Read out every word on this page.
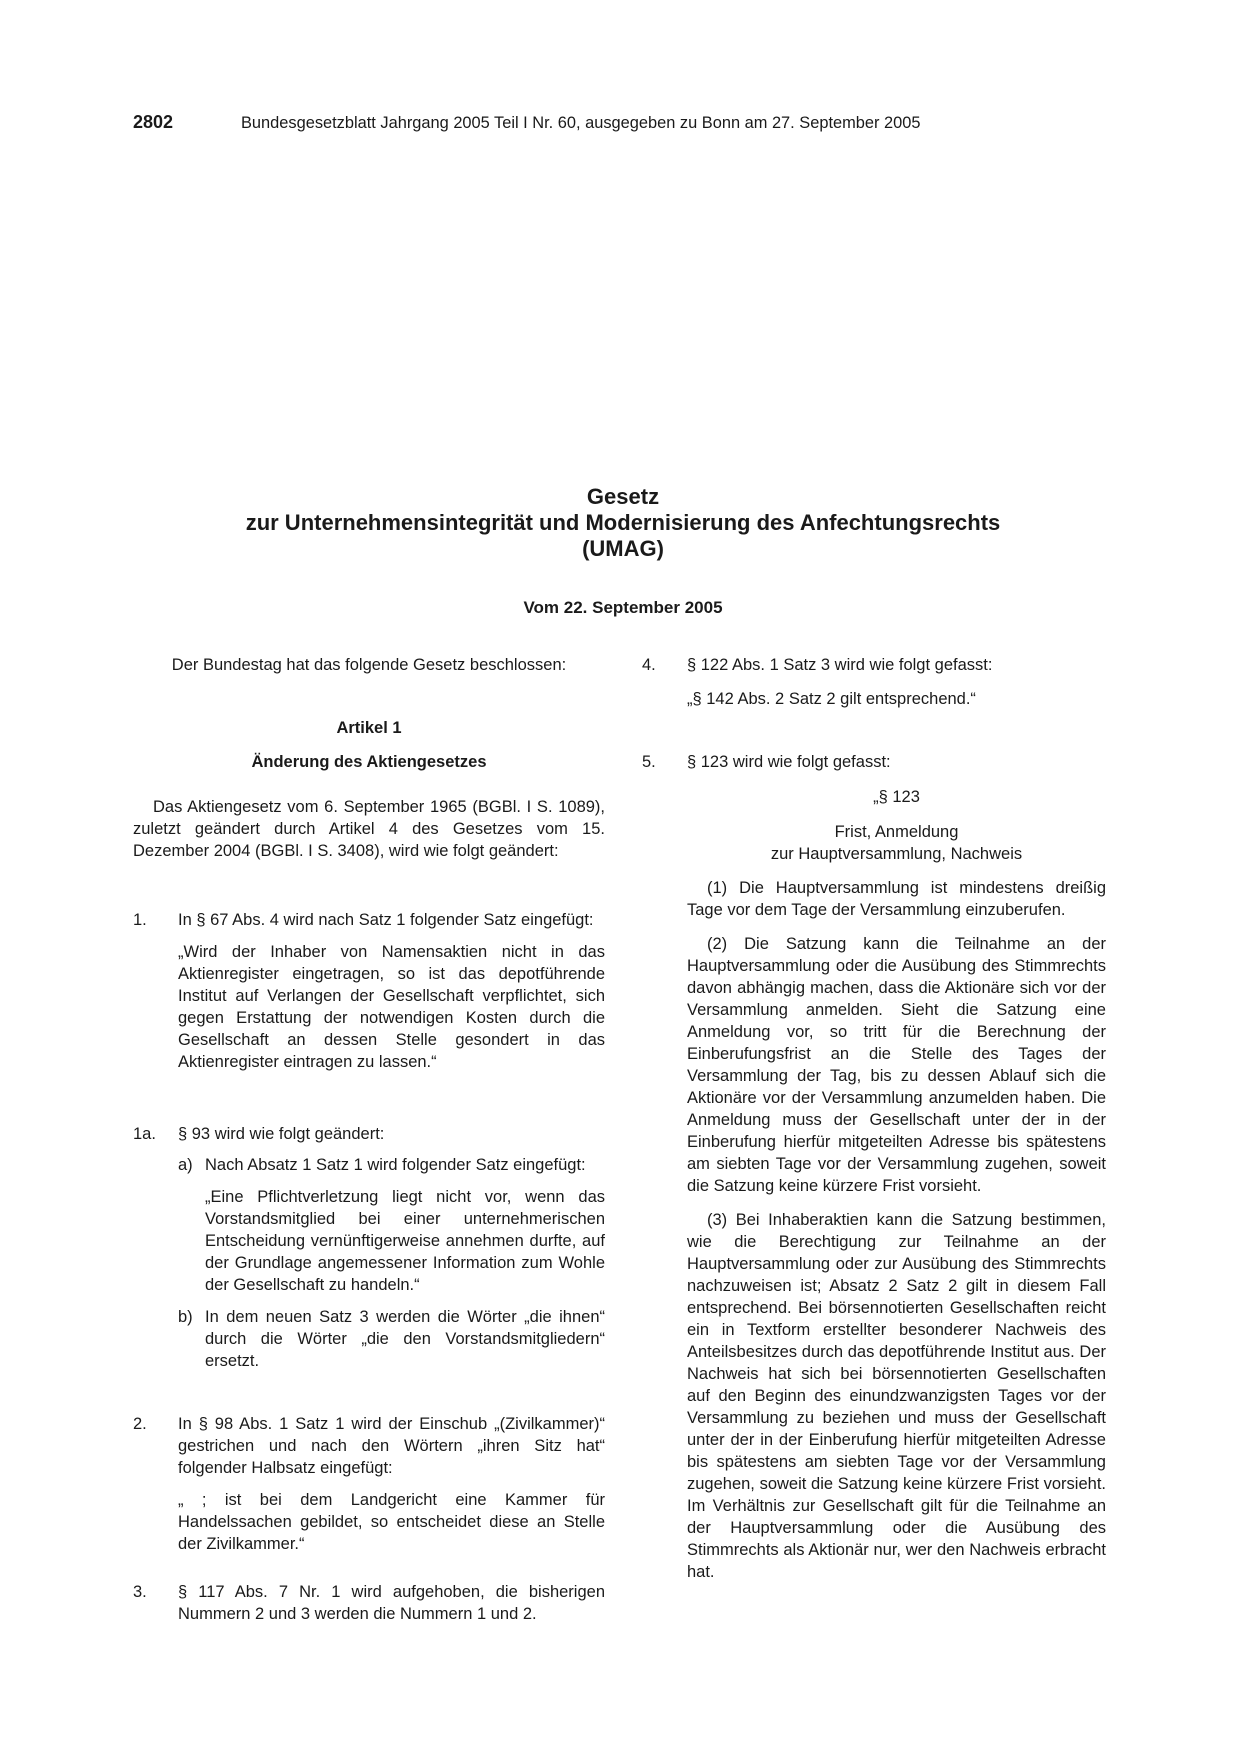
2802	Bundesgesetzblatt Jahrgang 2005 Teil I Nr. 60, ausgegeben zu Bonn am 27. September 2005
Gesetz
zur Unternehmensintegrität und Modernisierung des Anfechtungsrechts
(UMAG)
Vom 22. September 2005

Der Bundestag hat das folgende Gesetz beschlossen:

Artikel 1
Änderung des Aktiengesetzes

Das Aktiengesetz vom 6. September 1965 (BGBl. I S. 1089), zuletzt geändert durch Artikel 4 des Gesetzes vom 15. Dezember 2004 (BGBl. I S. 3408), wird wie folgt geändert:

1.	In § 67 Abs. 4 wird nach Satz 1 folgender Satz eingefügt:

„Wird der Inhaber von Namensaktien nicht in das Aktienregister eingetragen, so ist das depotführende Institut auf Verlangen der Gesellschaft verpflichtet, sich gegen Erstattung der notwendigen Kosten durch die Gesellschaft an dessen Stelle gesondert in das Aktienregister eintragen zu lassen.“

1a.	§ 93 wird wie folgt geändert:

a) Nach Absatz 1 Satz 1 wird folgender Satz eingefügt:

„Eine Pflichtverletzung liegt nicht vor, wenn das Vorstandsmitglied bei einer unternehmerischen Entscheidung vernünftigerweise annehmen durfte, auf der Grundlage angemessener Information zum Wohle der Gesellschaft zu handeln.“

b) In dem neuen Satz 3 werden die Wörter „die ihnen“ durch die Wörter „die den Vorstandsmitgliedern“ ersetzt.

2.	In § 98 Abs. 1 Satz 1 wird der Einschub „(Zivilkammer)“ gestrichen und nach den Wörtern „ihren Sitz hat“ folgender Halbsatz eingefügt:

„ ; ist bei dem Landgericht eine Kammer für Handelssachen gebildet, so entscheidet diese an Stelle der Zivilkammer.“

3.	§ 117 Abs. 7 Nr. 1 wird aufgehoben, die bisherigen Nummern 2 und 3 werden die Nummern 1 und 2.

4.	§ 122 Abs. 1 Satz 3 wird wie folgt gefasst:

„§ 142 Abs. 2 Satz 2 gilt entsprechend.“

5.	§ 123 wird wie folgt gefasst:

„§ 123

Frist, Anmeldung

zur Hauptversammlung, Nachweis

(1) Die Hauptversammlung ist mindestens dreißig Tage vor dem Tage der Versammlung einzuberufen.

(2) Die Satzung kann die Teilnahme an der Hauptversammlung oder die Ausübung des Stimmrechts davon abhängig machen, dass die Aktionäre sich vor der Versammlung anmelden. Sieht die Satzung eine Anmeldung vor, so tritt für die Berechnung der Einberufungsfrist an die Stelle des Tages der Versammlung der Tag, bis zu dessen Ablauf sich die Aktionäre vor der Versammlung anzumelden haben. Die Anmeldung muss der Gesellschaft unter der in der Einberufung hierfür mitgeteilten Adresse bis spätestens am siebten Tage vor der Versammlung zugehen, soweit die Satzung keine kürzere Frist vorsieht.

(3) Bei Inhaberaktien kann die Satzung bestimmen, wie die Berechtigung zur Teilnahme an der Hauptversammlung oder zur Ausübung des Stimmrechts nachzuweisen ist; Absatz 2 Satz 2 gilt in diesem Fall entsprechend. Bei börsennotierten Gesellschaften reicht ein in Textform erstellter besonderer Nachweis des Anteilsbesitzes durch das depotführende Institut aus. Der Nachweis hat sich bei börsennotierten Gesellschaften auf den Beginn des einundzwanzigsten Tages vor der Versammlung zu beziehen und muss der Gesellschaft unter der in der Einberufung hierfür mitgeteilten Adresse bis spätestens am siebten Tage vor der Versammlung zugehen, soweit die Satzung keine kürzere Frist vorsieht. Im Verhältnis zur Gesellschaft gilt für die Teilnahme an der Hauptversammlung oder die Ausübung des Stimmrechts als Aktionär nur, wer den Nachweis erbracht hat.
